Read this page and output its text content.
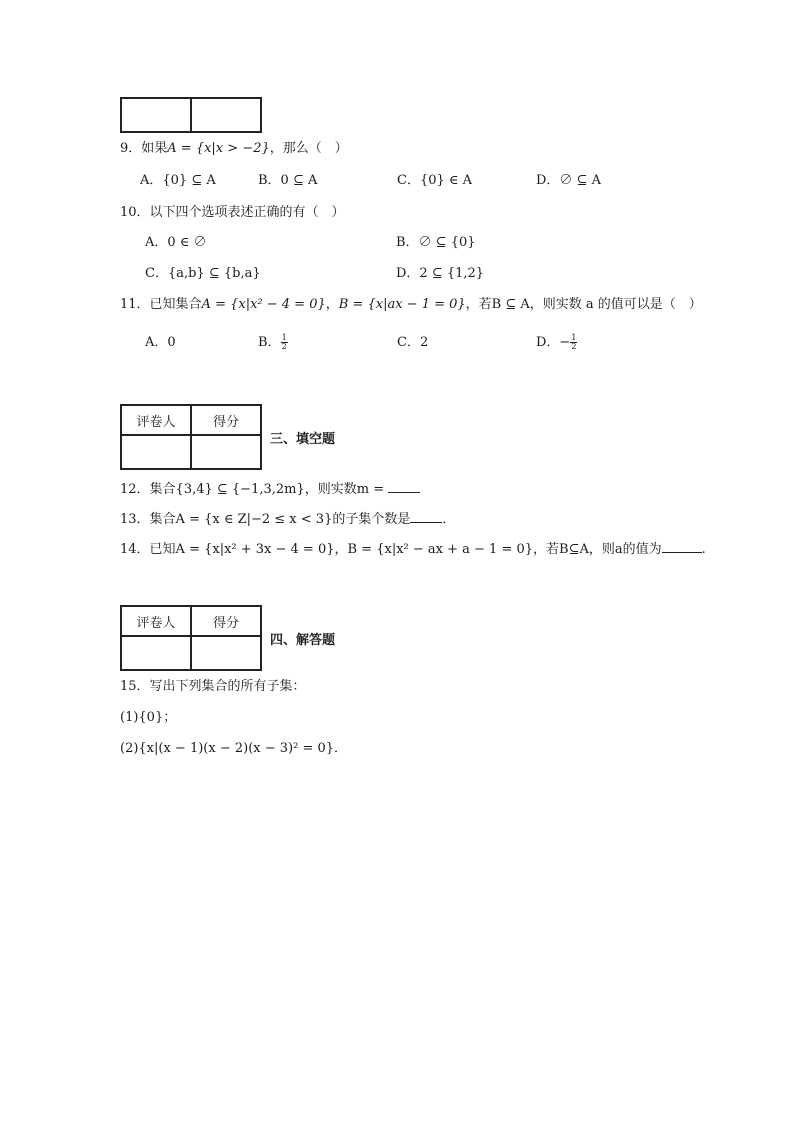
9．如果A = {x|x > −2}，那么（　）
A．{0} ⊆ A	B．0 ⊆ A	C．{0} ∈ A	D．∅ ⊆ A
10．以下四个选项表述正确的有（　）
A．0 ∈ ∅	B．∅ ⊆ {0}
C．{a,b} ⊆ {b,a}	D．2 ⊆ {1,2}
11．已知集合A = {x|x² − 4 = 0}，B = {x|ax − 1 = 0}，若B ⊆ A，则实数 a 的值可以是（　）
A．0	B． $\frac{1}{2}$	C．2	D．− $\frac{1}{2}$
评卷人	得分

三、填空题
12．集合{3,4} ⊆ {−1,3,2m}，则实数m =
13．集合A = {x ∈ Z|−2 ≤ x < 3}的子集个数是 ．
14．已知A = {x|x² + 3x − 4 = 0}，B = {x|x² − ax + a − 1 = 0}，若B⊆A，则a的值为	.
评卷人	得分

四、解答题
15．写出下列集合的所有子集：
(1){0}；
(2){x|(x − 1)(x − 2)(x − 3)² = 0}．
